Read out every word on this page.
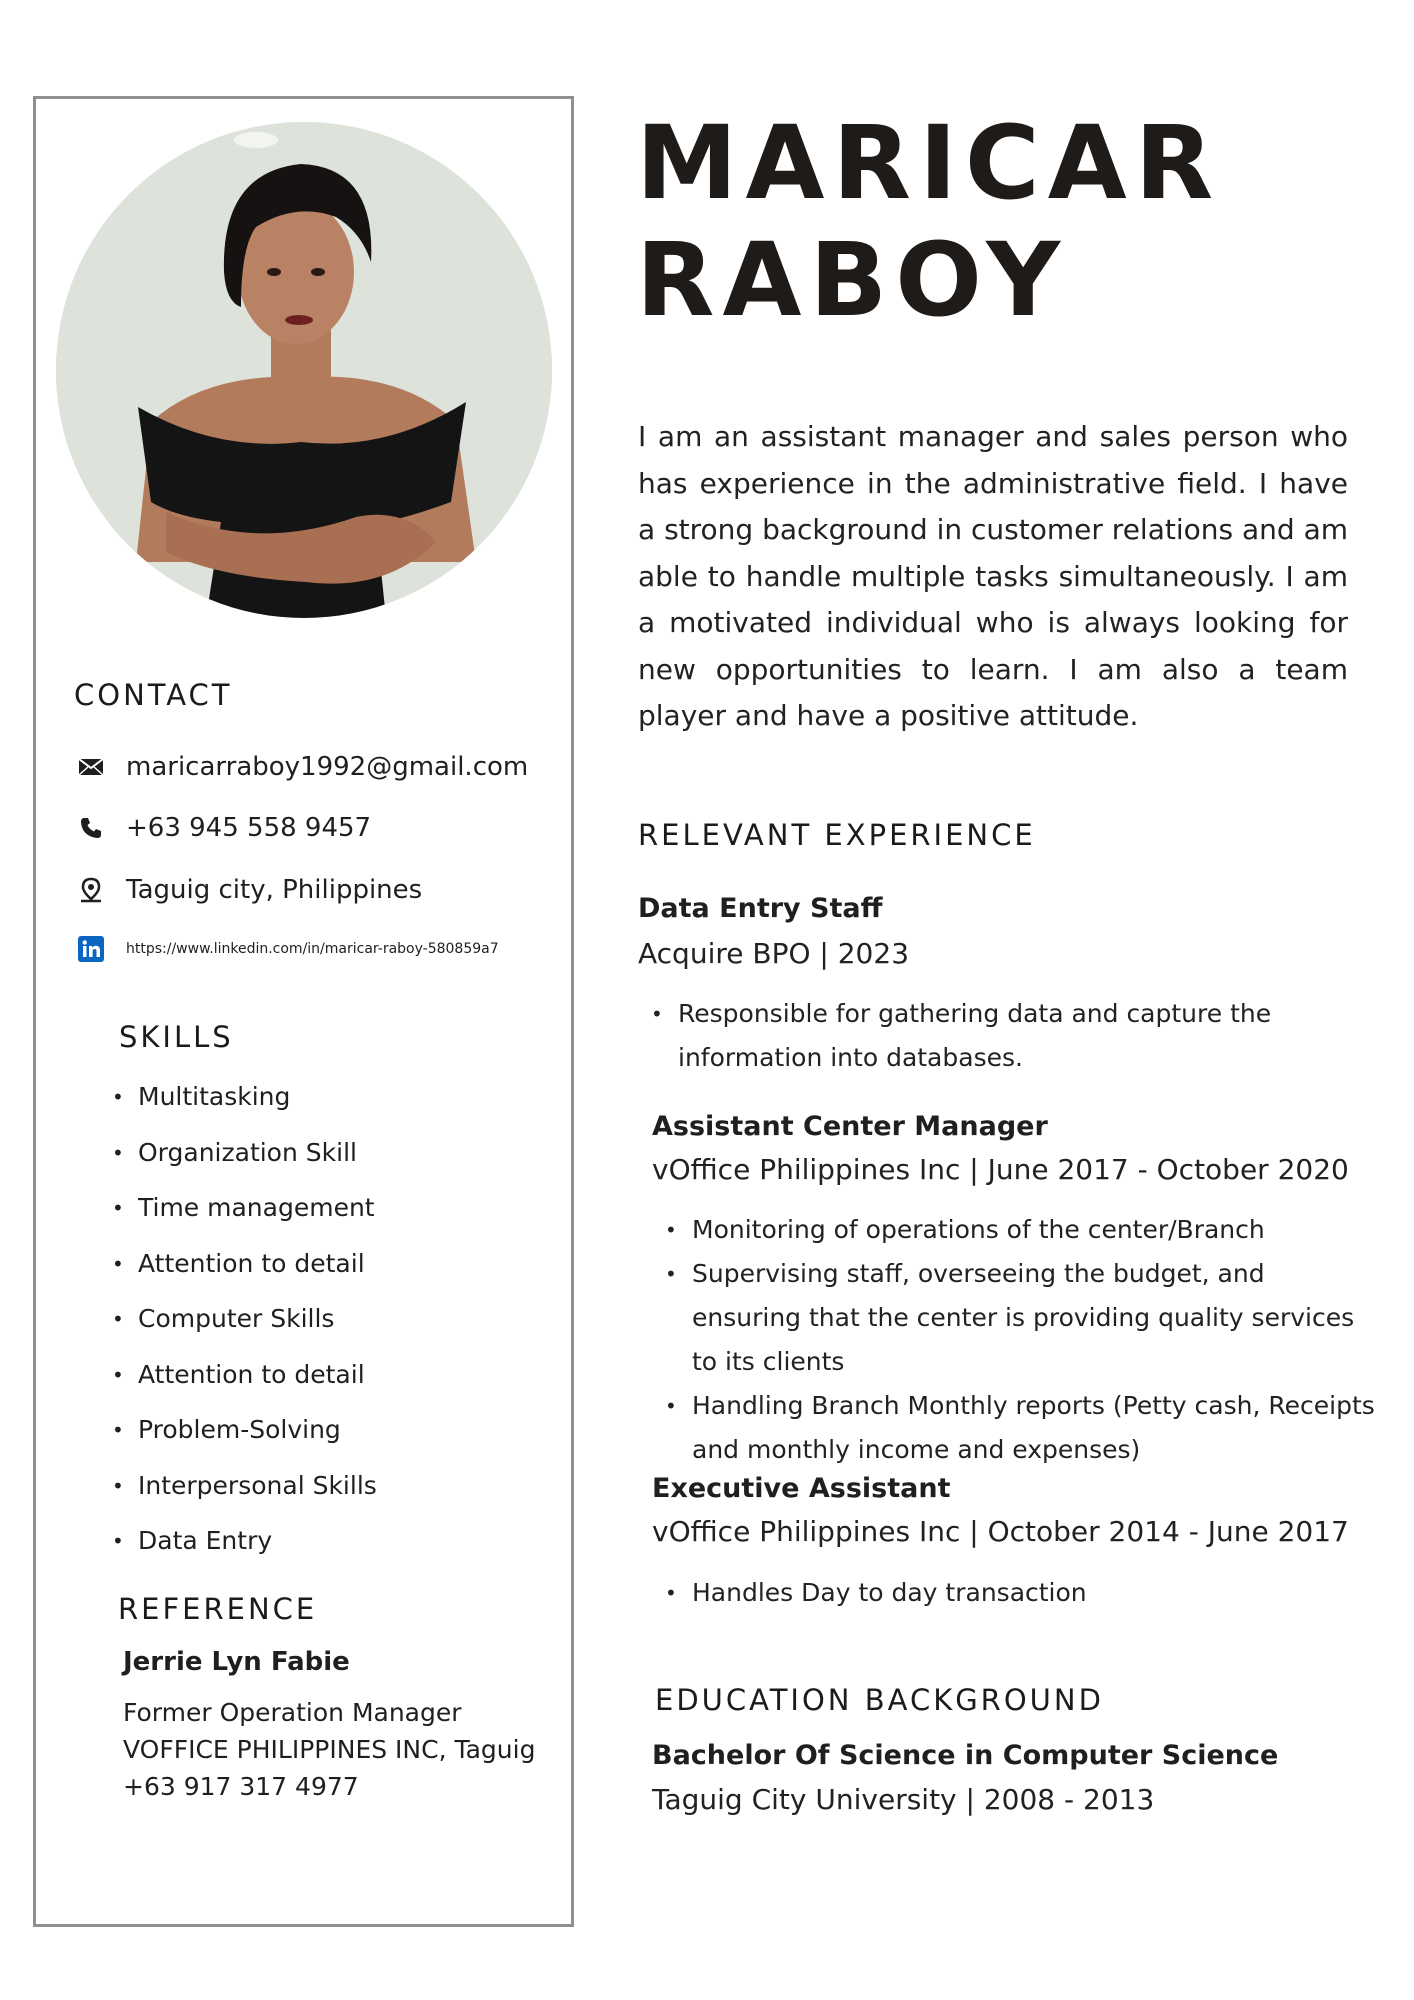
CONTACT
maricarraboy1992@gmail.com
+63 945 558 9457
Taguig city, Philippines
https://www.linkedin.com/in/maricar-raboy-580859a7
SKILLS
• Multitasking
• Organization Skill
• Time management
• Attention to detail
• Computer Skills
• Attention to detail
• Problem-Solving
• Interpersonal Skills
• Data Entry
REFERENCE

Jerrie Lyn Fabie

Former Operation Manager

VOFFICE PHILIPPINES INC, Taguig

+63 917 317 4977

MARICAR
RABOY

I am an assistant manager and sales person who has experience in the administrative field. I have a strong background in customer relations and am able to handle multiple tasks simultaneously. I am a motivated individual who is always looking for new opportunities to learn. I am also a team player and have a positive attitude.

RELEVANT EXPERIENCE

Data Entry Staff

Acquire BPO | 2023

• Responsible for gathering data and capture the information into databases.

Assistant Center Manager

vOffice Philippines Inc | June 2017 - October 2020

• Monitoring of operations of the center/Branch
• Supervising staff, overseeing the budget, and ensuring that the center is providing quality services to its clients
• Handling Branch Monthly reports (Petty cash, Receipts and monthly income and expenses)

Executive Assistant

vOffice Philippines Inc | October 2014 - June 2017

• Handles Day to day transaction
EDUCATION BACKGROUND

Bachelor Of Science in Computer Science

Taguig City University | 2008 - 2013
